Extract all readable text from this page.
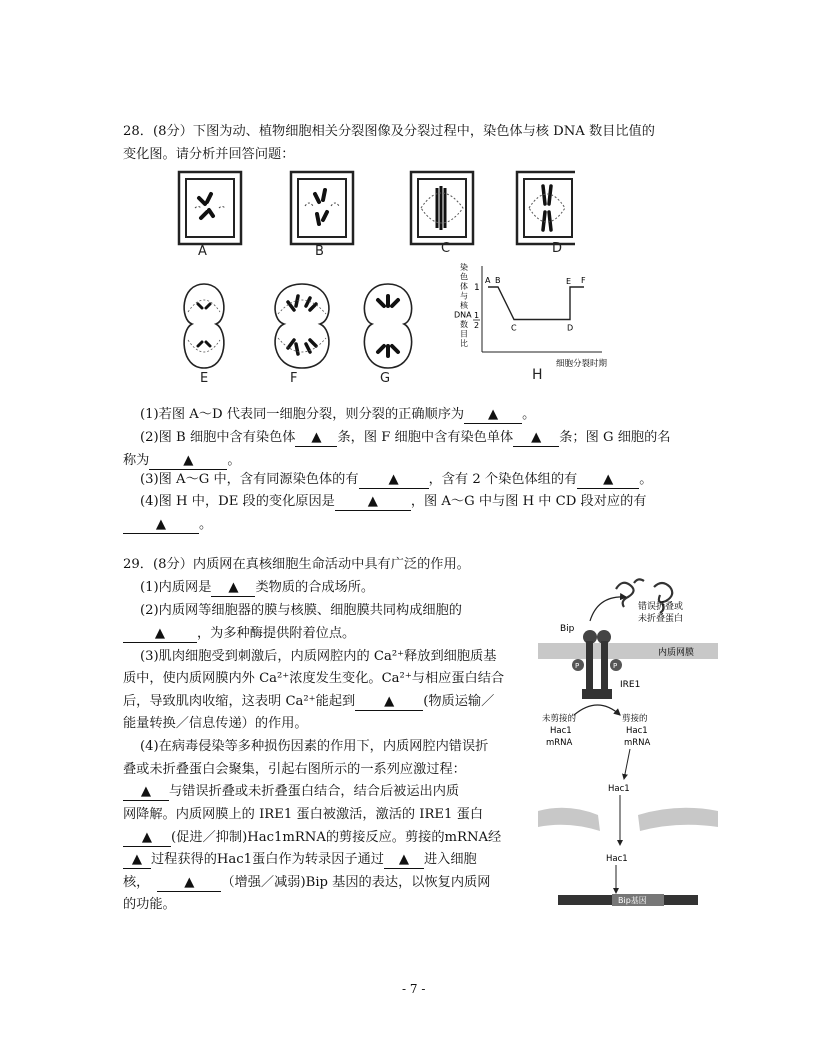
28．(8分）下图为动、植物细胞相关分裂图像及分裂过程中，染色体与核 DNA 数目比值的
变化图。请分析并回答问题：
A	B	C	D
E	F	G
染
色
体
与
核
DNA
数
目
比
1
1
2
A B
C	D
E F
细胞分裂时期
H
(1)若图 A～D 代表同一细胞分裂，则分裂的正确顺序为 ▲ 。
(2)图 B 细胞中含有染色体 ▲ 条，图 F 细胞中含有染色单体 ▲ 条；图 G 细胞的名
称为	▲	。
(3)图 A～G 中，含有同源染色体的有 ▲ ，含有 2 个染色体组的有 ▲ 。
(4)图 H 中，DE 段的变化原因是 ▲ ，图 A～G 中与图 H 中 CD 段对应的有
▲ 。
29．(8分）内质网在真核细胞生命活动中具有广泛的作用。
(1)内质网是 ▲ 类物质的合成场所。
(2)内质网等细胞器的膜与核膜、细胞膜共同构成细胞的
▲ ，为多种酶提供附着位点。
(3)肌肉细胞受到刺激后，内质网腔内的 Ca²⁺释放到细胞质基
质中，使内质网膜内外 Ca²⁺浓度发生变化。Ca²⁺与相应蛋白结合
后，导致肌肉收缩，这表明 Ca²⁺能起到 ▲ (物质运输／
能量转换／信息传递）的作用。
(4)在病毒侵染等多种损伤因素的作用下，内质网腔内错误折
叠或未折叠蛋白会聚集，引起右图所示的一系列应激过程：
▲ 与错误折叠或未折叠蛋白结合，结合后被运出内质
网降解。内质网膜上的 IRE1 蛋白被激活，激活的 IRE1 蛋白
▲ (促进／抑制)Hac1mRNA的剪接反应。剪接的mRNA经
▲ 过程获得的Hac1蛋白作为转录因子通过 ▲ 进入细胞
核，	▲ （增强／减弱)Bip 基因的表达，以恢复内质网
的功能。
错误折叠或
未折叠蛋白
Bip
内质网膜
P	P
IRE1
未剪接的
Hac1
mRNA
剪接的
Hac1
mRNA
Hac1
Hac1
Bip基因
- 7 -
